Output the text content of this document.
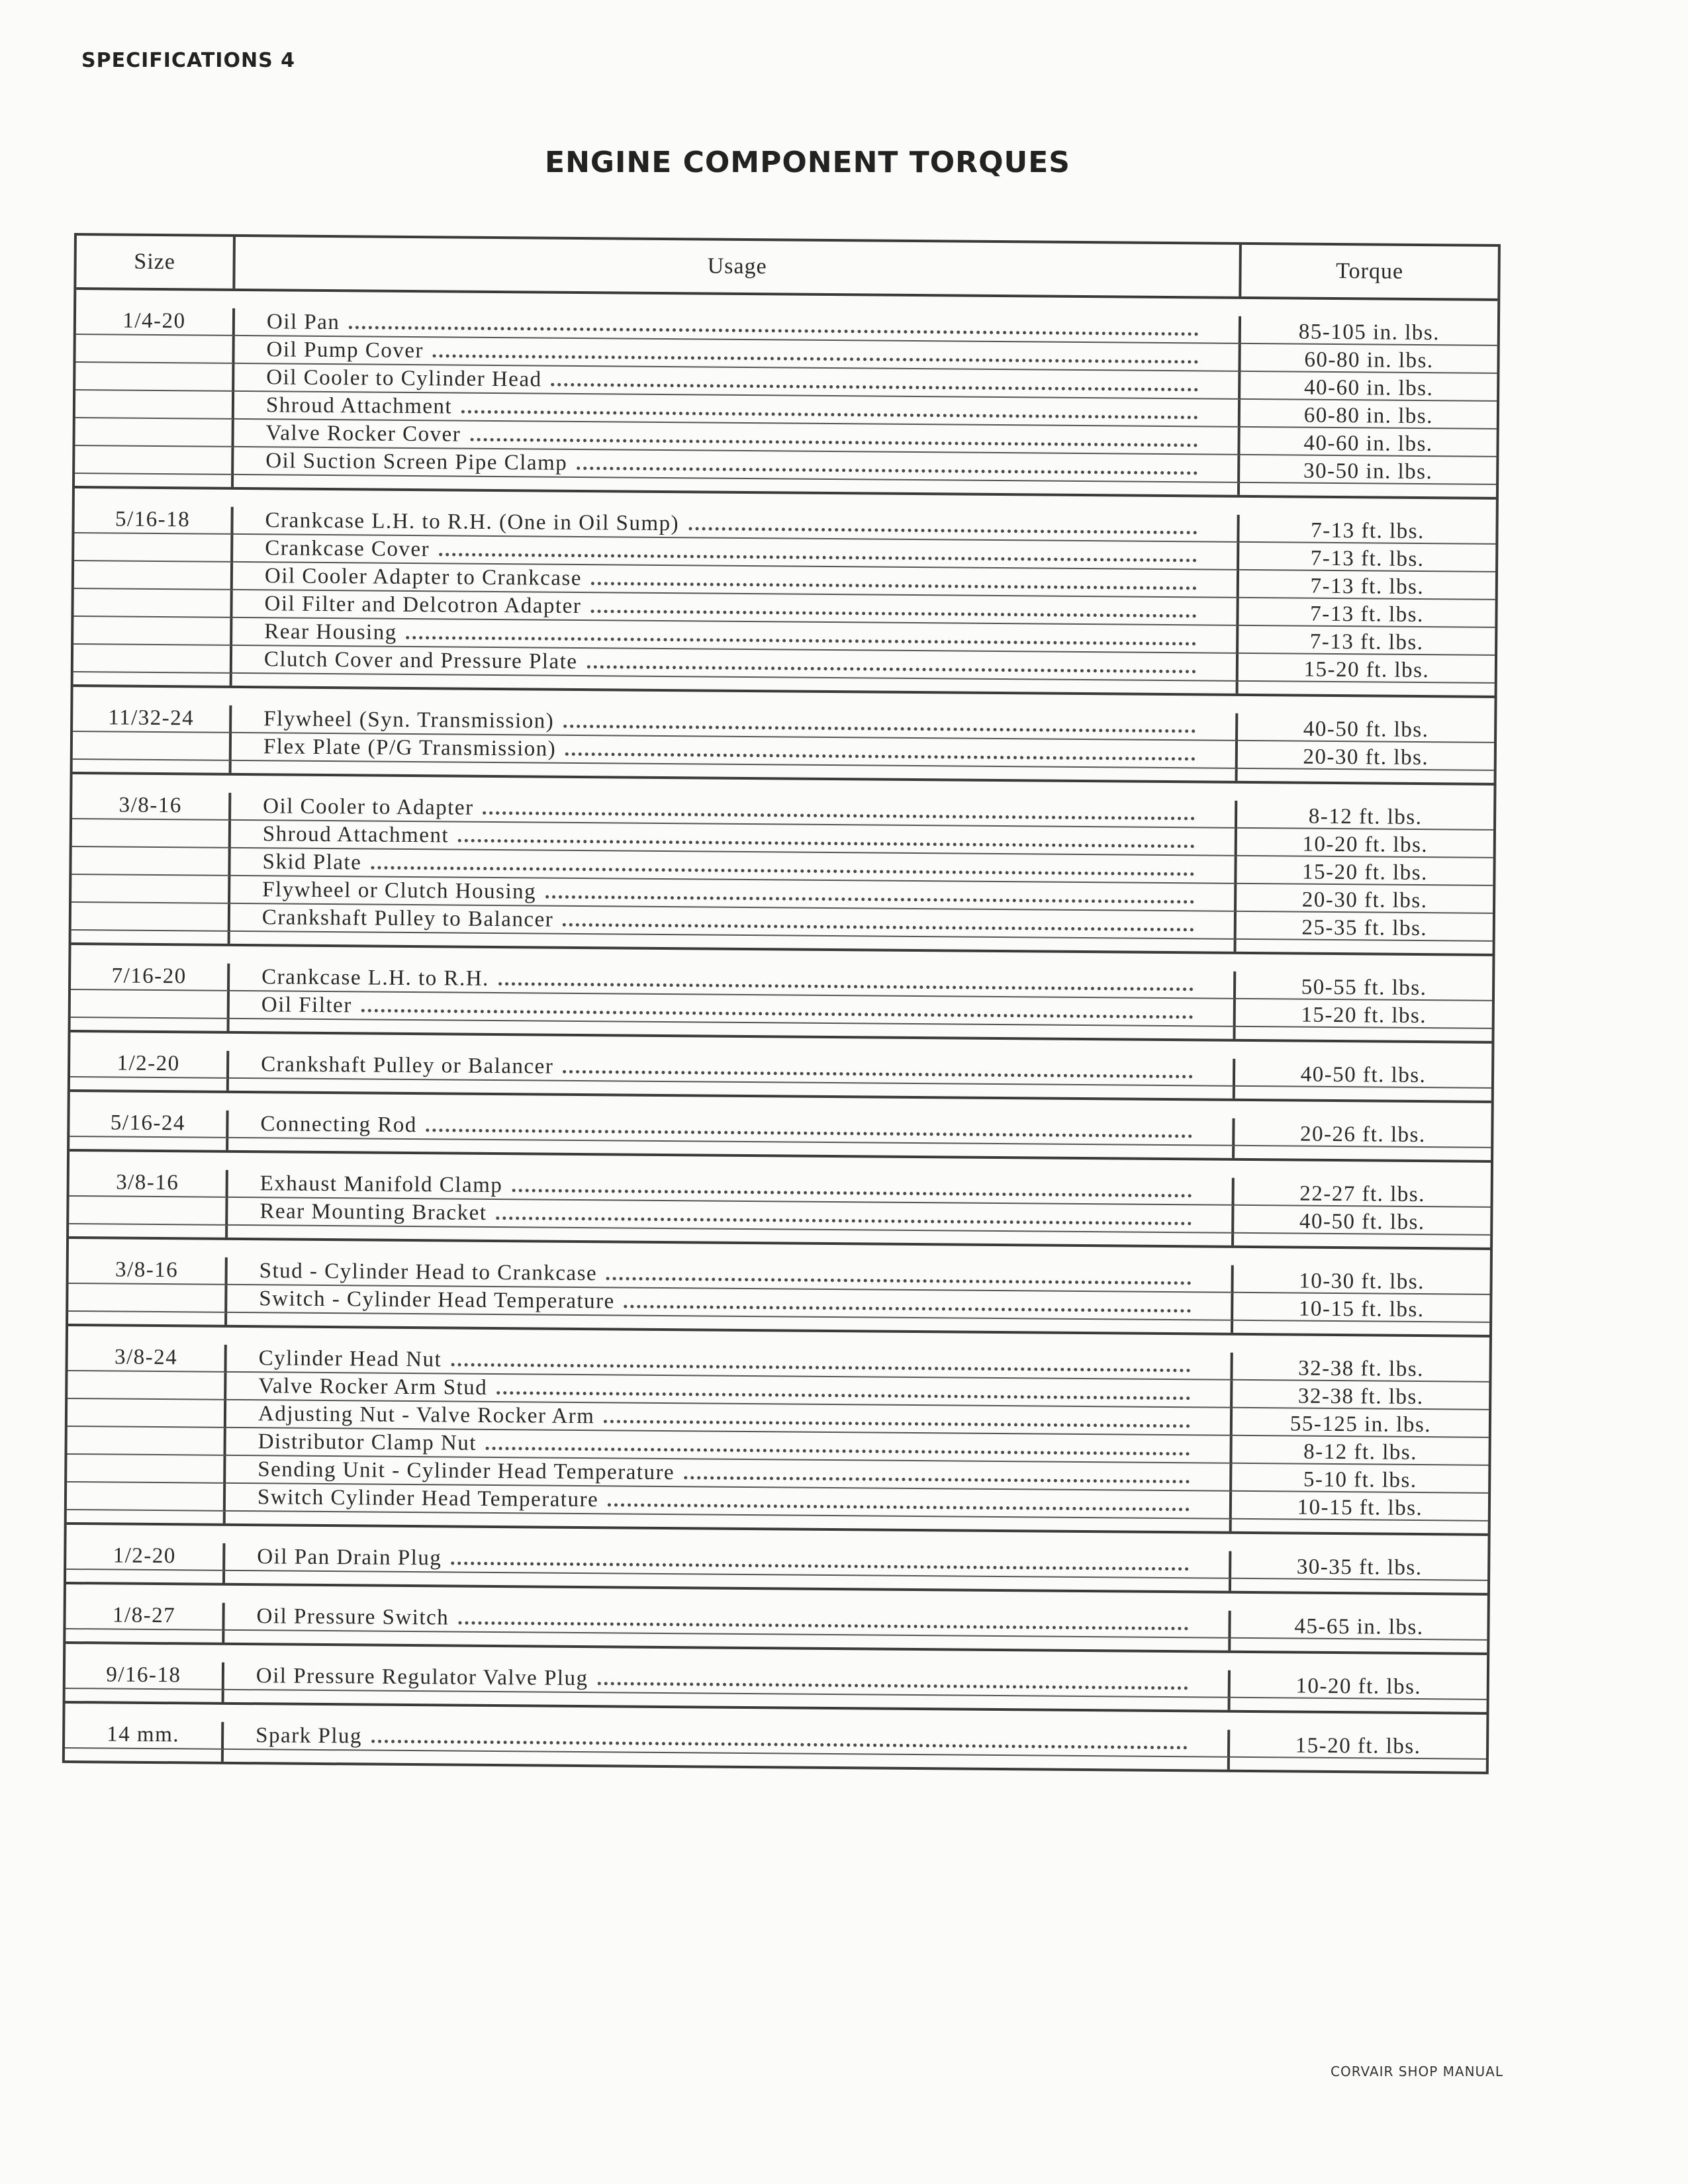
SPECIFICATIONS 4
ENGINE COMPONENT TORQUES
Size	Usage	Torque
1/4-20	Oil Pan	85-105 in. lbs.
Oil Pump Cover	60-80 in. lbs.
Oil Cooler to Cylinder Head	40-60 in. lbs.
Shroud Attachment	60-80 in. lbs.
Valve Rocker Cover	40-60 in. lbs.
Oil Suction Screen Pipe Clamp	30-50 in. lbs.
5/16-18	Crankcase L.H. to R.H. (One in Oil Sump)	7-13 ft. lbs.
Crankcase Cover	7-13 ft. lbs.
Oil Cooler Adapter to Crankcase	7-13 ft. lbs.
Oil Filter and Delcotron Adapter	7-13 ft. lbs.
Rear Housing	7-13 ft. lbs.
Clutch Cover and Pressure Plate	15-20 ft. lbs.
11/32-24	Flywheel (Syn. Transmission)	40-50 ft. lbs.
Flex Plate (P/G Transmission)	20-30 ft. lbs.
3/8-16	Oil Cooler to Adapter	8-12 ft. lbs.
Shroud Attachment	10-20 ft. lbs.
Skid Plate	15-20 ft. lbs.
Flywheel or Clutch Housing	20-30 ft. lbs.
Crankshaft Pulley to Balancer	25-35 ft. lbs.
7/16-20	Crankcase L.H. to R.H.	50-55 ft. lbs.
Oil Filter	15-20 ft. lbs.
1/2-20	Crankshaft Pulley or Balancer	40-50 ft. lbs.
5/16-24	Connecting Rod	20-26 ft. lbs.
3/8-16	Exhaust Manifold Clamp	22-27 ft. lbs.
Rear Mounting Bracket	40-50 ft. lbs.
3/8-16	Stud - Cylinder Head to Crankcase	10-30 ft. lbs.
Switch - Cylinder Head Temperature	10-15 ft. lbs.
3/8-24	Cylinder Head Nut	32-38 ft. lbs.
Valve Rocker Arm Stud	32-38 ft. lbs.
Adjusting Nut - Valve Rocker Arm	55-125 in. lbs.
Distributor Clamp Nut	8-12 ft. lbs.
Sending Unit - Cylinder Head Temperature	5-10 ft. lbs.
Switch Cylinder Head Temperature	10-15 ft. lbs.
1/2-20	Oil Pan Drain Plug	30-35 ft. lbs.
1/8-27	Oil Pressure Switch	45-65 in. lbs.
9/16-18	Oil Pressure Regulator Valve Plug	10-20 ft. lbs.
14 mm.	Spark Plug	15-20 ft. lbs.
CORVAIR SHOP MANUAL
